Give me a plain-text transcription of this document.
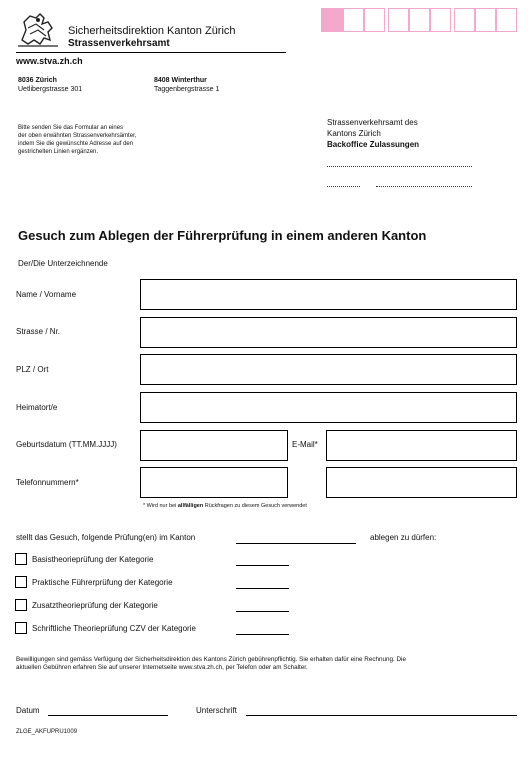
Sicherheitsdirektion Kanton Zürich
Strassenverkehrsamt
www.stva.zh.ch
8036 Zürich
Uetlibergstrasse 301
8408 Winterthur
Taggenbergstrasse 1
Bitte senden Sie das Formular an eines
der oben erwähnten Strassenverkehrsämter,
indem Sie die gewünschte Adresse auf den
gestrichelten Linien ergänzen.
Strassenverkehrsamt des
Kantons Zürich
Backoffice Zulassungen
Gesuch zum Ablegen der Führerprüfung in einem anderen Kanton
Der/Die Unterzeichnende
Name / Vorname
Strasse / Nr.
PLZ / Ort
Heimatort/e
Geburtsdatum (TT.MM.JJJJ)	E-Mail*
Telefonnummern*
* Wird nur bei allfälligen Rückfragen zu diesem Gesuch verwendet
stellt das Gesuch, folgende Prüfung(en) im Kanton	ablegen zu dürfen:
Basistheorieprüfung der Kategorie
Praktische Führerprüfung der Kategorie
Zusatztheorieprüfung der Kategorie
Schriftliche Theorieprüfung CZV der Kategorie
Bewilligungen sind gemäss Verfügung der Sicherheitsdirektion des Kantons Zürich gebührenpflichtig. Sie erhalten dafür eine Rechnung. Die
aktuellen Gebühren erfahren Sie auf unserer Internetseite www.stva.zh.ch, per Telefon oder am Schalter.
Datum	Unterschrift
ZLGE_AKFUPRU1009
